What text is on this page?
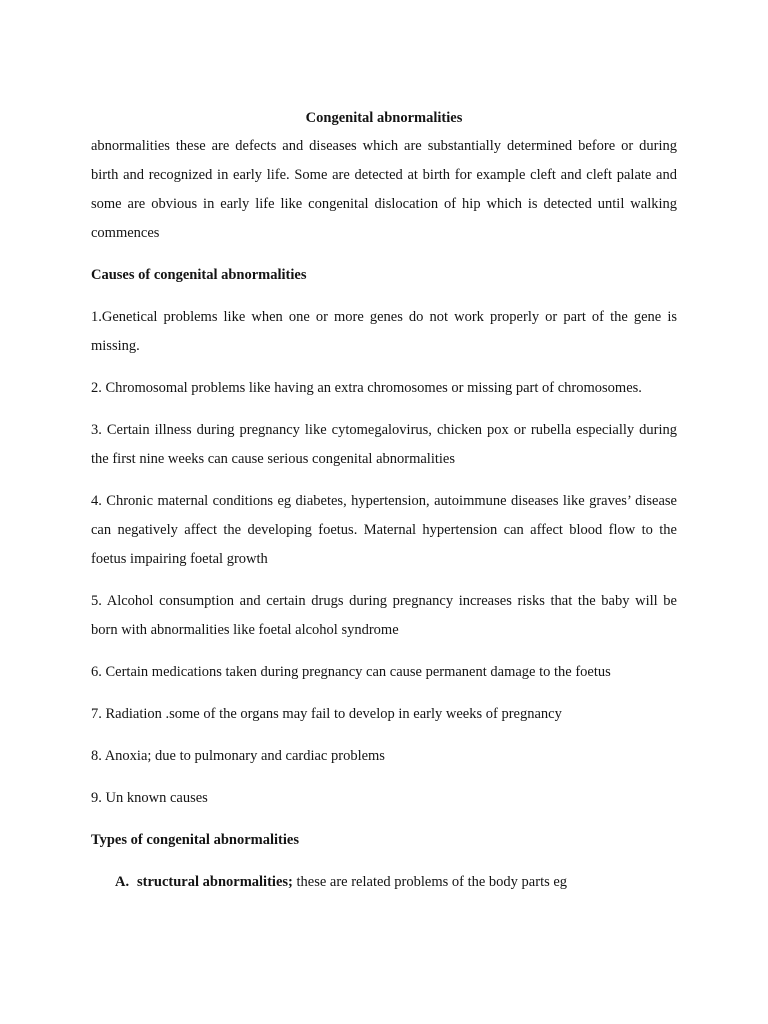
Congenital abnormalities

abnormalities these are defects and diseases which are substantially determined before or during birth and recognized in early life. Some are detected at birth for example cleft and cleft palate and some are obvious in early life like congenital dislocation of hip which is detected until walking commences

Causes of congenital abnormalities

1.Genetical problems like when one or more genes do not work properly or part of the gene is missing.

2. Chromosomal problems like having an extra chromosomes or missing part of chromosomes.

3. Certain illness during pregnancy like cytomegalovirus, chicken pox or rubella especially during the first nine weeks can cause serious congenital abnormalities

4. Chronic maternal conditions eg diabetes, hypertension, autoimmune diseases like graves’ disease can negatively affect the developing foetus. Maternal hypertension can affect blood flow to the foetus impairing foetal growth

5. Alcohol consumption and certain drugs during pregnancy increases risks that the baby will be born with abnormalities like foetal alcohol syndrome

6. Certain medications taken during pregnancy can cause permanent damage to the foetus

7. Radiation .some of the organs may fail to develop in early weeks of pregnancy

8. Anoxia; due to pulmonary and cardiac problems

9. Un known causes

Types of congenital abnormalities

A. structural abnormalities; these are related problems of the body parts eg
